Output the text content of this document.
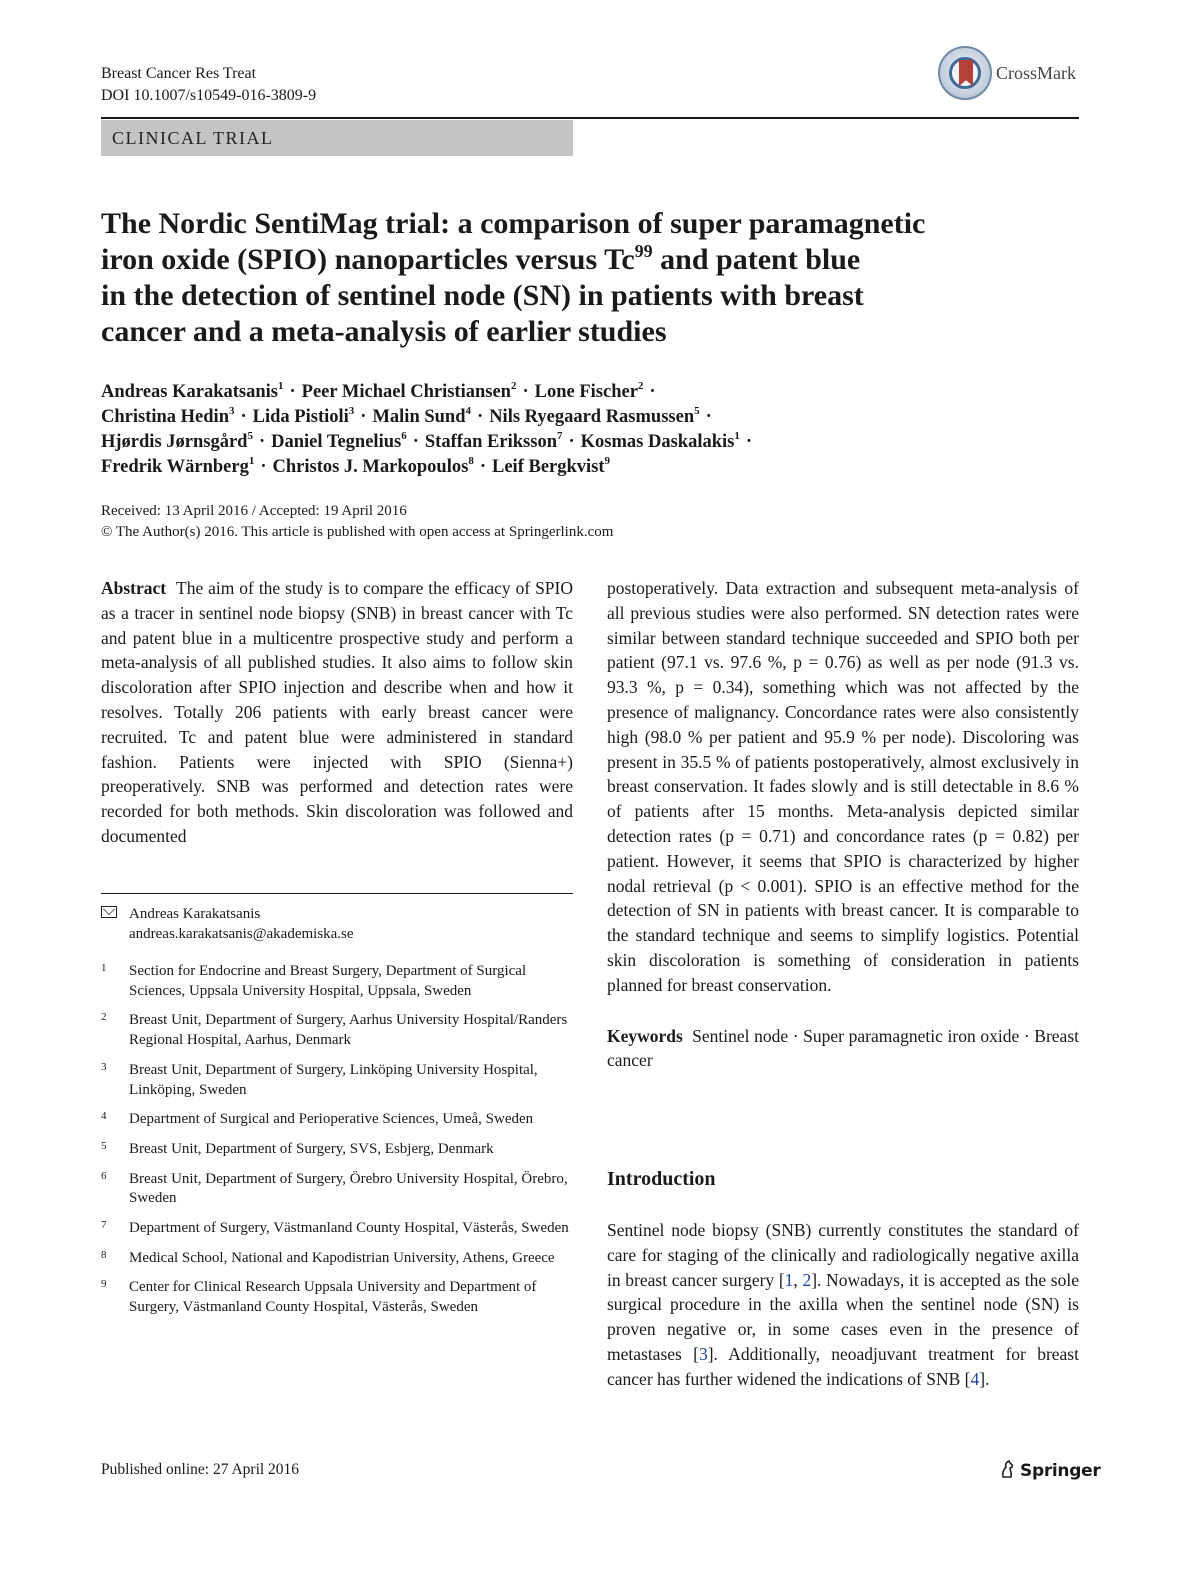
Breast Cancer Res Treat
DOI 10.1007/s10549-016-3809-9
CrossMark
CLINICAL TRIAL
The Nordic SentiMag trial: a comparison of super paramagnetic
iron oxide (SPIO) nanoparticles versus Tc$^{99}$ and patent blue
in the detection of sentinel node (SN) in patients with breast
cancer and a meta-analysis of earlier studies
Andreas Karakatsanis$^1$ · Peer Michael Christiansen$^2$ · Lone Fischer$^2$ ·
Christina Hedin$^3$ · Lida Pistioli$^3$ · Malin Sund$^4$ · Nils Ryegaard Rasmussen$^5$ ·
Hjørdis Jørnsgård$^5$ · Daniel Tegnelius$^6$ · Staffan Eriksson$^7$ · Kosmas Daskalakis$^1$ ·
Fredrik Wärnberg$^1$ · Christos J. Markopoulos$^8$ · Leif Bergkvist$^9$
Received: 13 April 2016 / Accepted: 19 April 2016
© The Author(s) 2016. This article is published with open access at Springerlink.com

Abstract The aim of the study is to compare the efficacy of SPIO as a tracer in sentinel node biopsy (SNB) in breast cancer with Tc and patent blue in a multicentre prospective study and perform a meta-analysis of all published studies. It also aims to follow skin discoloration after SPIO injection and describe when and how it resolves. Totally 206 patients with early breast cancer were recruited. Tc and patent blue were administered in standard fashion. Patients were injected with SPIO (Sienna+) preoperatively. SNB was performed and detection rates were recorded for both methods. Skin discoloration was followed and documented

postoperatively. Data extraction and subsequent meta-analysis of all previous studies were also performed. SN detection rates were similar between standard technique succeeded and SPIO both per patient (97.1 vs. 97.6 %, p = 0.76) as well as per node (91.3 vs. 93.3 %, p = 0.34), something which was not affected by the presence of malignancy. Concordance rates were also consistently high (98.0 % per patient and 95.9 % per node). Discoloring was present in 35.5 % of patients postoperatively, almost exclusively in breast conservation. It fades slowly and is still detectable in 8.6 % of patients after 15 months. Meta-analysis depicted similar detection rates (p = 0.71) and concordance rates (p = 0.82) per patient. However, it seems that SPIO is characterized by higher nodal retrieval (p < 0.001). SPIO is an effective method for the detection of SN in patients with breast cancer. It is comparable to the standard technique and seems to simplify logistics. Potential skin discoloration is something of consideration in patients planned for breast conservation.

Keywords Sentinel node · Super paramagnetic iron oxide · Breast cancer

Andreas Karakatsanis
andreas.karakatsanis@akademiska.se
1 Section for Endocrine and Breast Surgery, Department of Surgical Sciences, Uppsala University Hospital, Uppsala, Sweden
2 Breast Unit, Department of Surgery, Aarhus University Hospital/Randers Regional Hospital, Aarhus, Denmark
3 Breast Unit, Department of Surgery, Linköping University Hospital, Linköping, Sweden
4 Department of Surgical and Perioperative Sciences, Umeå, Sweden
5 Breast Unit, Department of Surgery, SVS, Esbjerg, Denmark
6 Breast Unit, Department of Surgery, Örebro University Hospital, Örebro, Sweden
7 Department of Surgery, Västmanland County Hospital, Västerås, Sweden
8 Medical School, National and Kapodistrian University, Athens, Greece
9 Center for Clinical Research Uppsala University and Department of Surgery, Västmanland County Hospital, Västerås, Sweden
Introduction

Sentinel node biopsy (SNB) currently constitutes the standard of care for staging of the clinically and radiologically negative axilla in breast cancer surgery [1, 2]. Nowadays, it is accepted as the sole surgical procedure in the axilla when the sentinel node (SN) is proven negative or, in some cases even in the presence of metastases [3]. Additionally, neoadjuvant treatment for breast cancer has further widened the indications of SNB [4].

Published online: 27 April 2016	Springer
